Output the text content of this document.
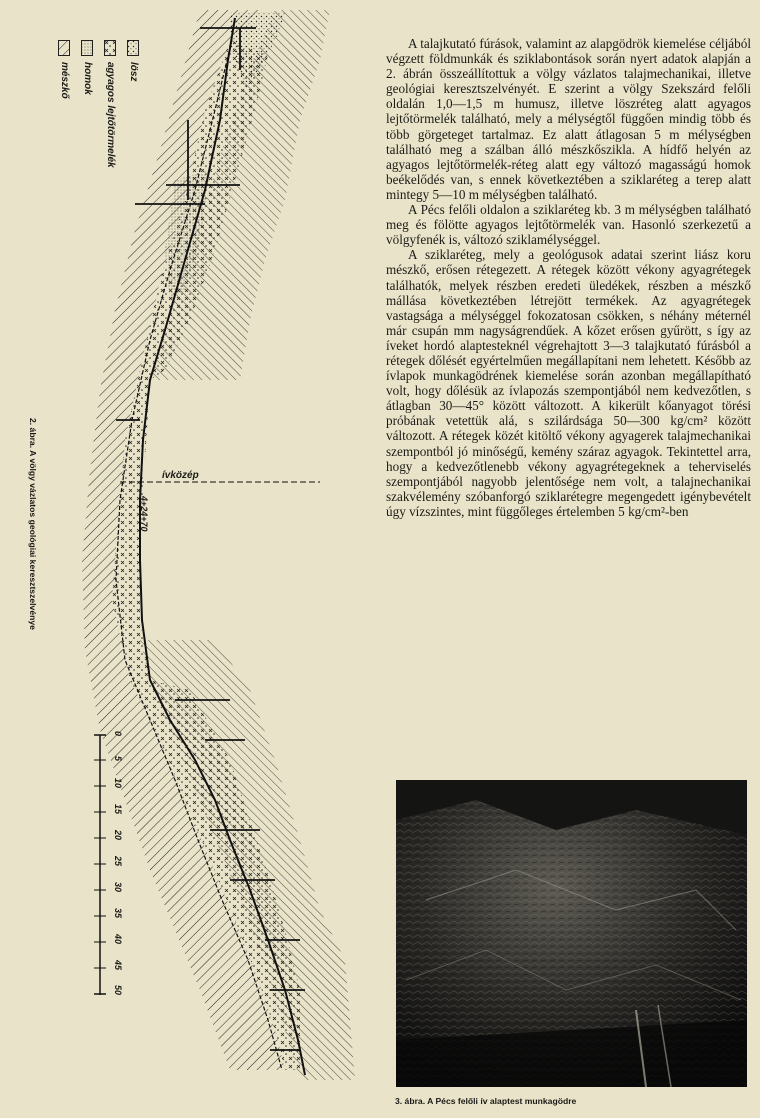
lösz
agyagos lejtőtörmelék
homok
mészkő
ívközép
4+24+70
0
5
10
15
20
25
30
35
40
45
50
2. ábra. A völgy vázlatos geológiai keresztszelvénye

A talajkutató fúrások, valamint az alapgödrök kiemelése céljából végzett földmunkák és sziklabontások során nyert adatok alapján a 2. ábrán összeállítottuk a völgy vázlatos talajmechanikai, illetve geológiai keresztszelvényét. E szerint a völgy Szekszárd felőli oldalán 1,0—1,5 m humusz, illetve löszréteg alatt agyagos lejtőtörmelék található, mely a mélységtől függően mindig több és több görgeteget tartalmaz. Ez alatt átlagosan 5 m mélységben található meg a szálban álló mészkőszikla. A hídfő helyén az agyagos lejtőtörmelék-réteg alatt egy változó magasságú homok beékelődés van, s ennek következtében a sziklaréteg a terep alatt mintegy 5—10 m mélységben található.

A Pécs felőli oldalon a sziklaréteg kb. 3 m mélységben található meg és fölötte agyagos lejtőtörmelék van. Hasonló szerkezetű a völgyfenék is, változó sziklamélységgel.

A sziklaréteg, mely a geológusok adatai szerint liász koru mészkő, erősen rétegezett. A rétegek között vékony agyagrétegek találhatók, melyek részben eredeti üledékek, részben a mészkő mállása következtében létrejött termékek. Az agyagrétegek vastagsága a mélységgel fokozatosan csökken, s néhány méternél már csupán mm nagyságrendűek. A kőzet erősen gyűrött, s így az íveket hordó alaptesteknél végrehajtott 3—3 talajkutató fúrásból a rétegek dőlését egyértelműen megállapítani nem lehetett. Később az ívlapok munkagödrének kiemelése során azonban megállapítható volt, hogy dőlésük az ívlapozás szempontjából nem kedvezőtlen, s átlagban 30—45° között változott. A kikerült kőanyagot törési próbának vetettük alá, s szilárdsága 50—300 kg/cm² között változott. A rétegek közét kitöltő vékony agyagerek talajmechanikai szempontból jó minőségű, kemény száraz agyagok. Tekintettel arra, hogy a kedvezőtlenebb vékony agyagrétegeknek a teherviselés szempontjából nagyobb jelentősége nem volt, a talajnechanikai szakvélemény szóbanforgó sziklarétegre megengedett igénybevételt úgy vízszintes, mint függőleges értelemben 5 kg/cm²-ben

3. ábra. A Pécs felőli ív alaptest munkagödre
